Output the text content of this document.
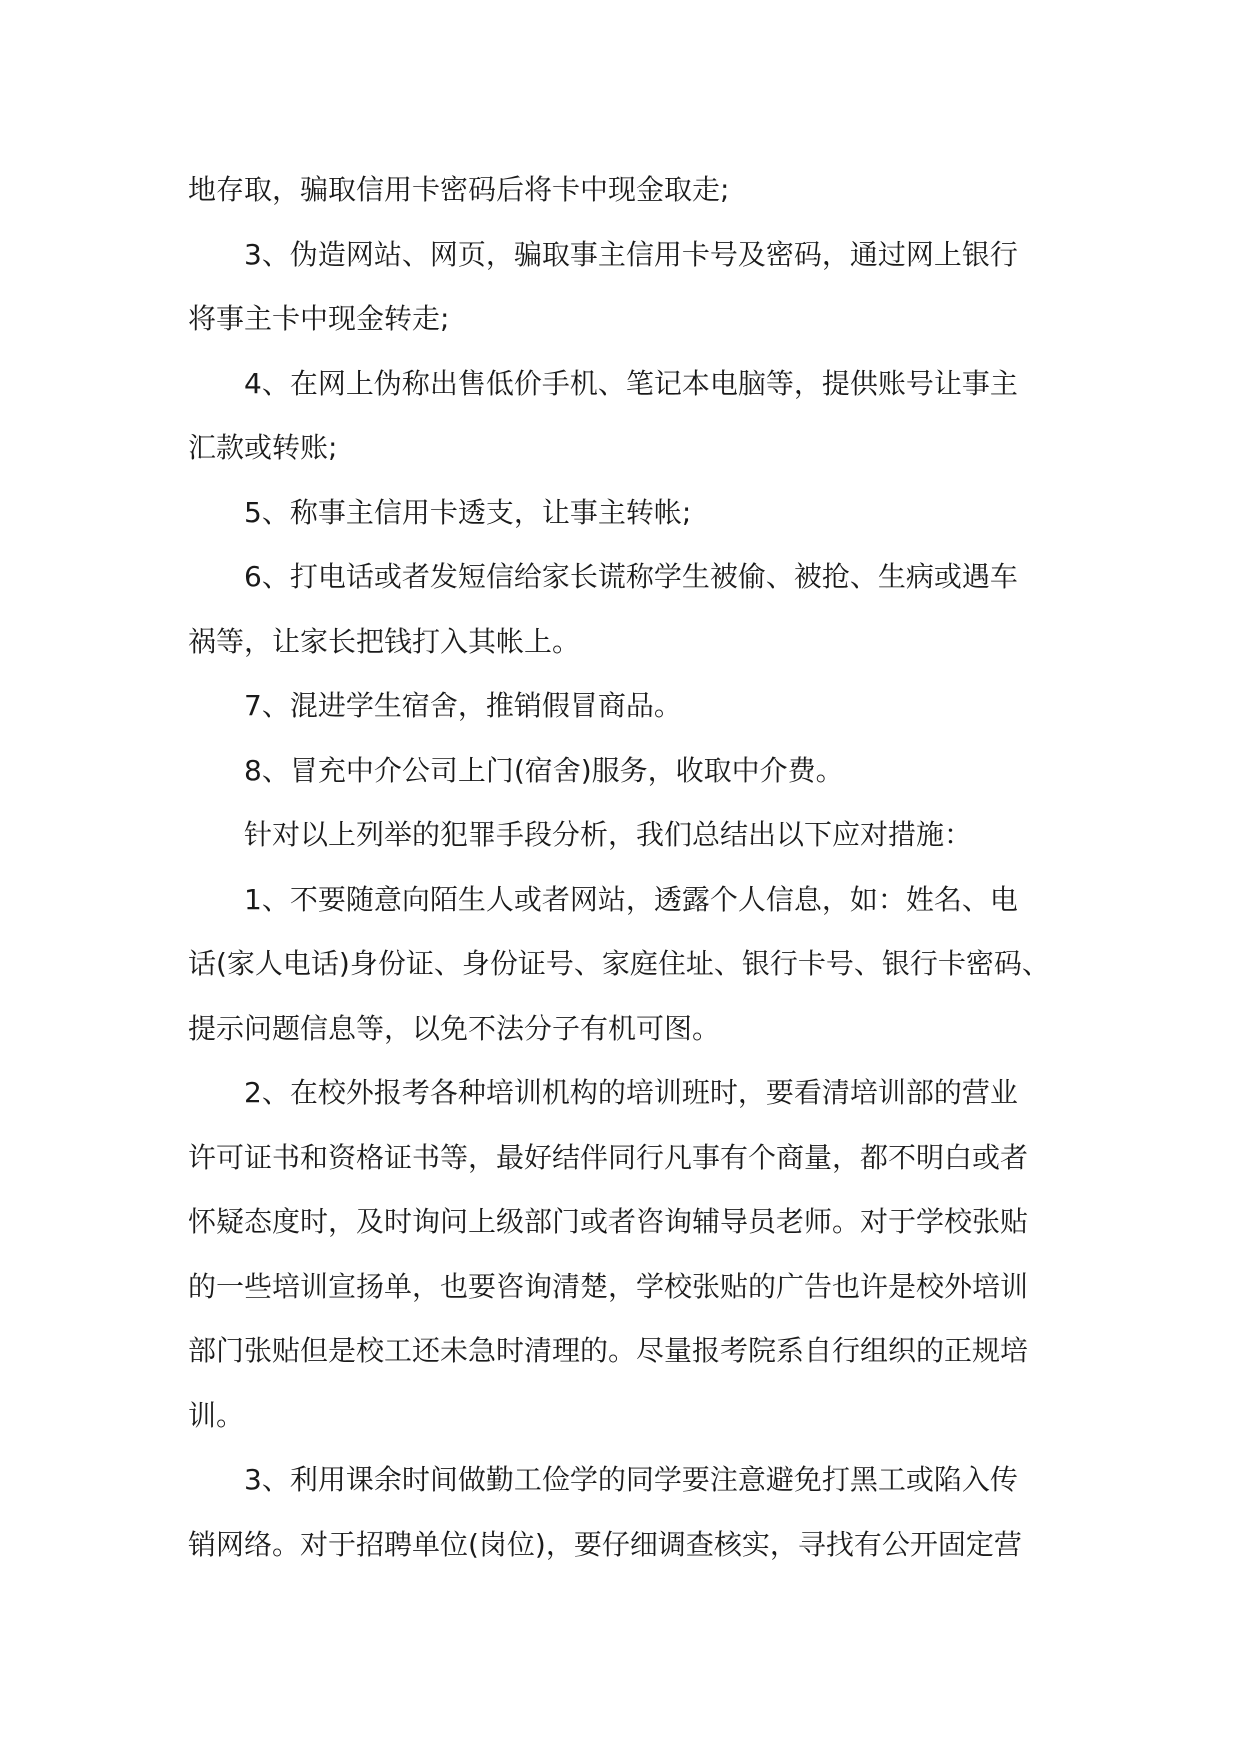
地存取，骗取信用卡密码后将卡中现金取走;

3、伪造网站、网页，骗取事主信用卡号及密码，通过网上银行
将事主卡中现金转走;

4、在网上伪称出售低价手机、笔记本电脑等，提供账号让事主
汇款或转账;

5、称事主信用卡透支，让事主转帐;

6、打电话或者发短信给家长谎称学生被偷、被抢、生病或遇车
祸等，让家长把钱打入其帐上。

7、混进学生宿舍，推销假冒商品。

8、冒充中介公司上门(宿舍)服务，收取中介费。

针对以上列举的犯罪手段分析，我们总结出以下应对措施：

1、不要随意向陌生人或者网站，透露个人信息，如：姓名、电
话(家人电话)身份证、身份证号、家庭住址、银行卡号、银行卡密码、
提示问题信息等，以免不法分子有机可图。

2、在校外报考各种培训机构的培训班时，要看清培训部的营业
许可证书和资格证书等，最好结伴同行凡事有个商量，都不明白或者
怀疑态度时，及时询问上级部门或者咨询辅导员老师。对于学校张贴
的一些培训宣扬单，也要咨询清楚，学校张贴的广告也许是校外培训
部门张贴但是校工还未急时清理的。尽量报考院系自行组织的正规培
训。

3、利用课余时间做勤工俭学的同学要注意避免打黑工或陷入传
销网络。对于招聘单位(岗位)，要仔细调查核实，寻找有公开固定营
